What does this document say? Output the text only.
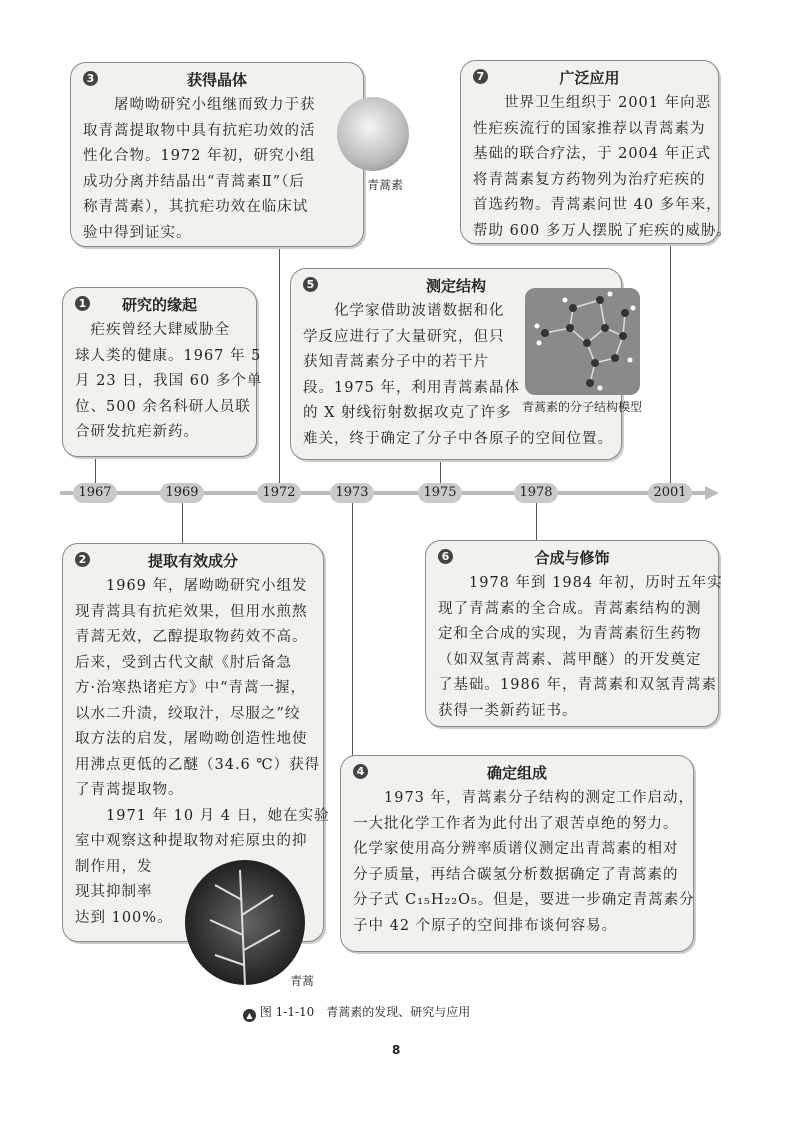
1967	1969	1972	1973	1975	1978	2001
3	获得晶体
　　屠呦呦研究小组继而致力于获
取青蒿提取物中具有抗疟功效的活
性化合物。1972 年初，研究小组
成功分离并结晶出“青蒿素Ⅱ”（后
称青蒿素），其抗疟功效在临床试
验中得到证实。
7	广泛应用
　　世界卫生组织于 2001 年向恶
性疟疾流行的国家推荐以青蒿素为
基础的联合疗法，于 2004 年正式
将青蒿素复方药物列为治疗疟疾的
首选药物。青蒿素问世 40 多年来，
帮助 600 多万人摆脱了疟疾的威胁。
1	研究的缘起
　疟疾曾经大肆威胁全
球人类的健康。1967 年 5
月 23 日，我国 60 多个单
位、500 余名科研人员联
合研发抗疟新药。
5	测定结构
　　化学家借助波谱数据和化
学反应进行了大量研究，但只
获知青蒿素分子中的若干片
段。1975 年，利用青蒿素晶体
的 X 射线衍射数据攻克了许多
难关，终于确定了分子中各原子的空间位置。
2	提取有效成分
　　1969 年，屠呦呦研究小组发
现青蒿具有抗疟效果，但用水煎熬
青蒿无效，乙醇提取物药效不高。
后来，受到古代文献《肘后备急
方·治寒热诸疟方》中“青蒿一握，
以水二升渍，绞取汁，尽服之”绞
取方法的启发，屠呦呦创造性地使
用沸点更低的乙醚（34.6 ℃）获得
了青蒿提取物。
　　1971 年 10 月 4 日，她在实验
室中观察这种提取物对疟原虫的抑
制作用，发
现其抑制率
达到 100%。
6	合成与修饰
　　1978 年到 1984 年初，历时五年实
现了青蒿素的全合成。青蒿素结构的测
定和全合成的实现，为青蒿素衍生药物
（如双氢青蒿素、蒿甲醚）的开发奠定
了基础。1986 年，青蒿素和双氢青蒿素
获得一类新药证书。
4	确定组成
　　1973 年，青蒿素分子结构的测定工作启动，
一大批化学工作者为此付出了艰苦卓绝的努力。
化学家使用高分辨率质谱仪测定出青蒿素的相对
分子质量，再结合碳氢分析数据确定了青蒿素的
分子式 C₁₅H₂₂O₅。但是，要进一步确定青蒿素分
子中 42 个原子的空间排布谈何容易。
青蒿素
青蒿素的分子结构模型
青蒿
▲ 图 1-1-10　青蒿素的发现、研究与应用
8
